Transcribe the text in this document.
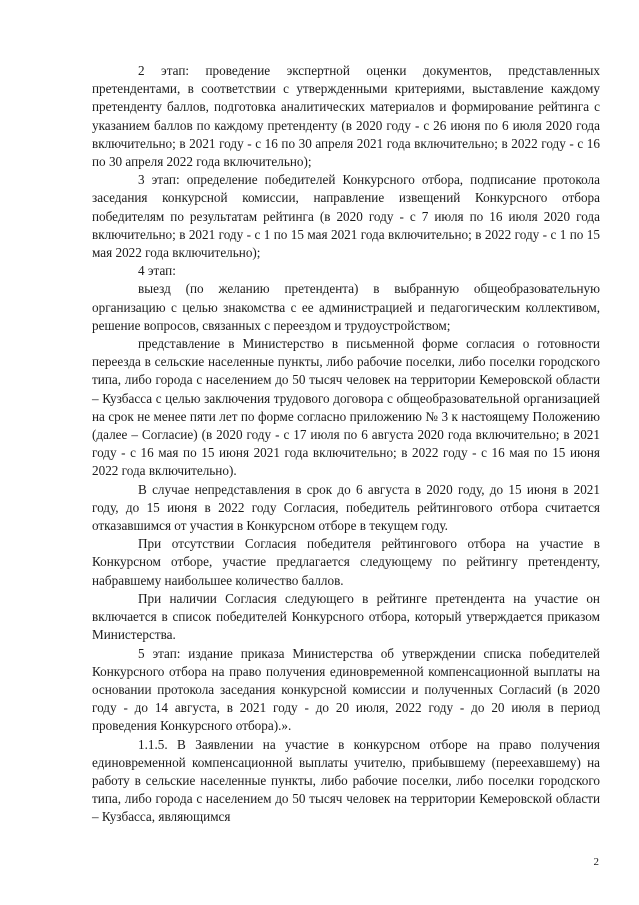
2 этап: проведение экспертной оценки документов, представленных претендентами, в соответствии с утвержденными критериями, выставление каждому претенденту баллов, подготовка аналитических материалов и формирование рейтинга с указанием баллов по каждому претенденту (в 2020 году - с 26 июня по 6 июля 2020 года включительно; в 2021 году - с 16 по 30 апреля 2021 года включительно; в 2022 году - с 16 по 30 апреля 2022 года включительно);

3 этап: определение победителей Конкурсного отбора, подписание протокола заседания конкурсной комиссии, направление извещений Конкурсного отбора победителям по результатам рейтинга (в 2020 году - с 7 июля по 16 июля 2020 года включительно; в 2021 году - с 1 по 15 мая 2021 года включительно; в 2022 году - с 1 по 15 мая 2022 года включительно);

4 этап:

выезд (по желанию претендента) в выбранную общеобразовательную организацию с целью знакомства с ее администрацией и педагогическим коллективом, решение вопросов, связанных с переездом и трудоустройством;

представление в Министерство в письменной форме согласия о готовности переезда в сельские населенные пункты, либо рабочие поселки, либо поселки городского типа, либо города с населением до 50 тысяч человек на территории Кемеровской области – Кузбасса с целью заключения трудового договора с общеобразовательной организацией на срок не менее пяти лет по форме согласно приложению № 3 к настоящему Положению (далее – Согласие) (в 2020 году - с 17 июля по 6 августа 2020 года включительно; в 2021 году - с 16 мая по 15 июня 2021 года включительно; в 2022 году - с 16 мая по 15 июня 2022 года включительно).

В случае непредставления в срок до 6 августа в 2020 году, до 15 июня в 2021 году, до 15 июня в 2022 году Согласия, победитель рейтингового отбора считается отказавшимся от участия в Конкурсном отборе в текущем году.

При отсутствии Согласия победителя рейтингового отбора на участие в Конкурсном отборе, участие предлагается следующему по рейтингу претенденту, набравшему наибольшее количество баллов.

При наличии Согласия следующего в рейтинге претендента на участие он включается в список победителей Конкурсного отбора, который утверждается приказом Министерства.

5 этап: издание приказа Министерства об утверждении списка победителей Конкурсного отбора на право получения единовременной компенсационной выплаты на основании протокола заседания конкурсной комиссии и полученных Согласий (в 2020 году - до 14 августа, в 2021 году - до 20 июля, 2022 году - до 20 июля в период проведения Конкурсного отбора).».

1.1.5. В Заявлении на участие в конкурсном отборе на право получения единовременной компенсационной выплаты учителю, прибывшему (переехавшему) на работу в сельские населенные пункты, либо рабочие поселки, либо поселки городского типа, либо города с населением до 50 тысяч человек на территории Кемеровской области – Кузбасса, являющимся

2
